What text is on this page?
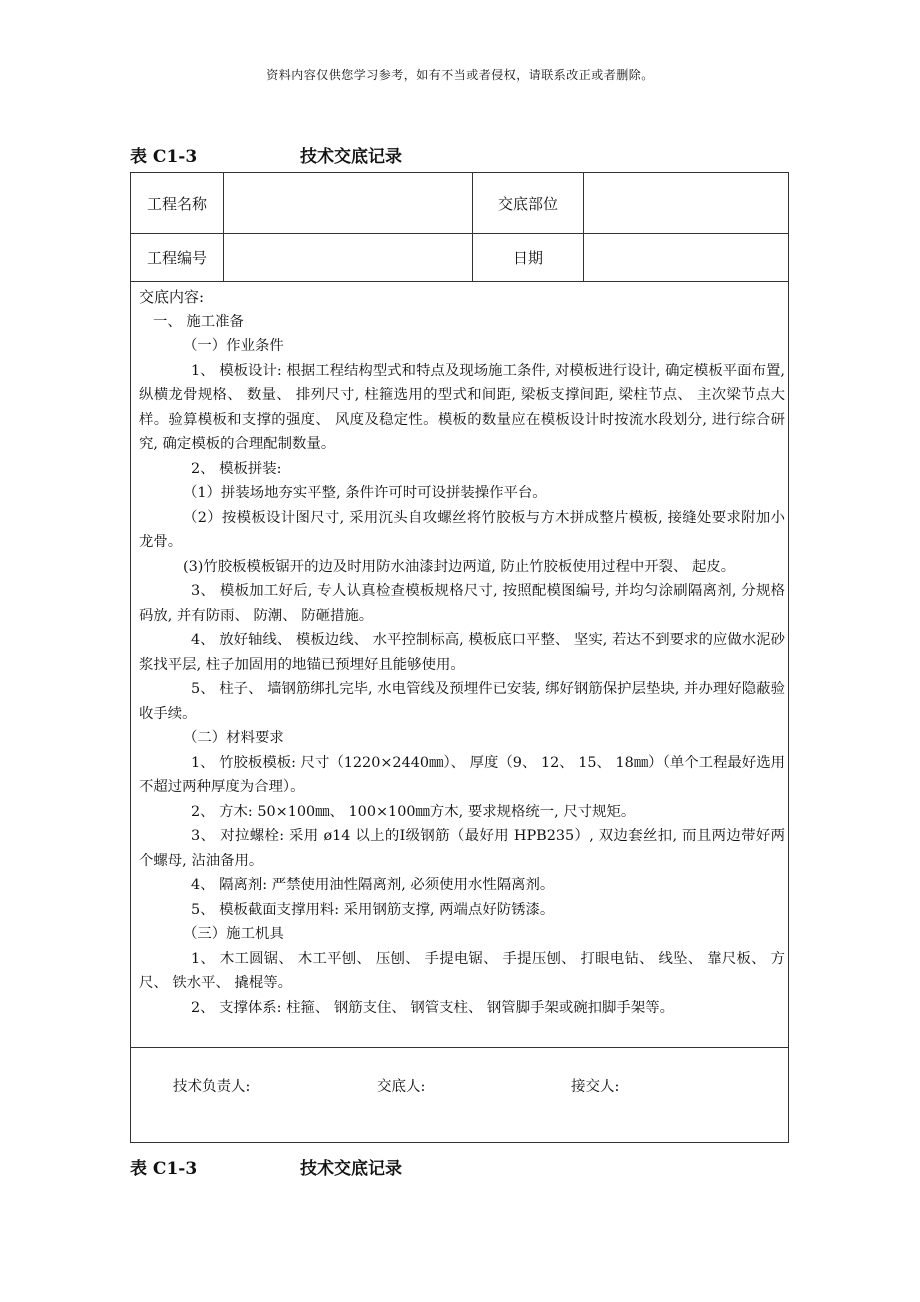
资料内容仅供您学习参考，如有不当或者侵权，请联系改正或者删除。
表 C1-3	技术交底记录
工程名称	交底部位
工程编号	日期

交底内容:

一、 施工准备

（一）作业条件

1、 模板设计: 根据工程结构型式和特点及现场施工条件, 对模板进行设计, 确定模板平面布置, 纵横龙骨规格、 数量、 排列尺寸, 柱箍选用的型式和间距, 梁板支撑间距, 梁柱节点、 主次梁节点大样。验算模板和支撑的强度、 风度及稳定性。模板的数量应在模板设计时按流水段划分, 进行综合研究, 确定模板的合理配制数量。

2、 模板拼装:

（1）拼装场地夯实平整, 条件许可时可设拼装操作平台。

（2）按模板设计图尺寸, 采用沉头自攻螺丝将竹胶板与方木拼成整片模板, 接缝处要求附加小龙骨。

(3)竹胶板模板锯开的边及时用防水油漆封边两道, 防止竹胶板使用过程中开裂、 起皮。

3、 模板加工好后, 专人认真检查模板规格尺寸, 按照配模图编号, 并均匀涂刷隔离剂, 分规格码放, 并有防雨、 防潮、 防砸措施。

4、 放好轴线、 模板边线、 水平控制标高, 模板底口平整、 坚实, 若达不到要求的应做水泥砂浆找平层, 柱子加固用的地锚已预埋好且能够使用。

5、 柱子、 墙钢筋绑扎完毕, 水电管线及预埋件已安装, 绑好钢筋保护层垫块, 并办理好隐蔽验收手续。

（二）材料要求

1、 竹胶板模板: 尺寸（1220×2440㎜）、 厚度（9、 12、 15、 18㎜）（单个工程最好选用不超过两种厚度为合理）。

2、 方木: 50×100㎜、 100×100㎜方木, 要求规格统一, 尺寸规矩。

3、 对拉螺栓: 采用 ø14 以上的Ⅰ级钢筋（最好用 HPB235）, 双边套丝扣, 而且两边带好两个螺母, 沾油备用。

4、 隔离剂: 严禁使用油性隔离剂, 必须使用水性隔离剂。

5、 模板截面支撑用料: 采用钢筋支撑, 两端点好防锈漆。

（三）施工机具

1、 木工圆锯、 木工平刨、 压刨、 手提电锯、 手提压刨、 打眼电钻、 线坠、 靠尺板、 方尺、 铁水平、 撬棍等。

2、 支撑体系: 柱箍、 钢筋支住、 钢管支柱、 钢管脚手架或碗扣脚手架等。

技术负责人:	交底人:	接交人:
表 C1-3	技术交底记录
